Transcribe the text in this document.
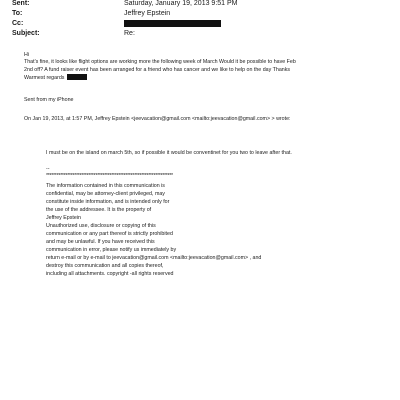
Sent:	Saturday, January 19, 2013 9:51 PM
To:	Jeffrey Epstein
Cc:
Subject:	Re:
Hi
That's fine, it looks like flight options are working more the following week of March Would it be possible to have Feb
2nd off? A fund raiser event has been arranged for a friend who has cancer and we like to help on the day Thanks
Warmest regards
Sent from my iPhone
On Jan 19, 2013, at 1:57 PM, Jeffrey Epstein <jeevacation@gmail.com <mailto:jeevacation@gmail.com> > wrote:
I must be on the island on march 5th, so if possible it would be conventinet for you two to leave after that.
--
************************************************************************
The information contained in this communication is
confidential, may be attorney-client privileged, may
constitute inside information, and is intended only for
the use of the addressee. It is the property of
Jeffrey Epstein
Unauthorized use, disclosure or copying of this
communication or any part thereof is strictly prohibited
and may be unlawful. If you have received this
communication in error, please notify us immediately by
return e-mail or by e-mail to jeevacation@gmail.com <mailto:jeevacation@gmail.com> , and
destroy this communication and all copies thereof,
including all attachments. copyright -all rights reserved
